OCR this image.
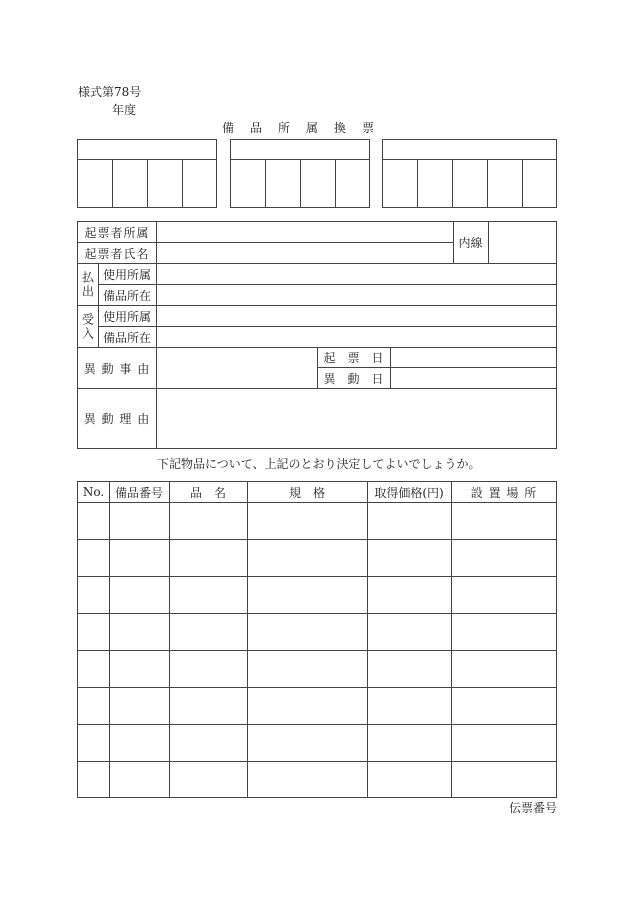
様式第78号
年度
備　品　所　属　換　票
起票者所属
起票者氏名
内線
払出 使用所属
備品所在
受入 使用所属
備品所在
異 動 事 由
起　票　日
異　動　日
異 動 理 由
下記物品について、上記のとおり決定してよいでしょうか。
No. 備品番号	品　名	規　格	取得価格(円)	設 置 場 所
伝票番号
